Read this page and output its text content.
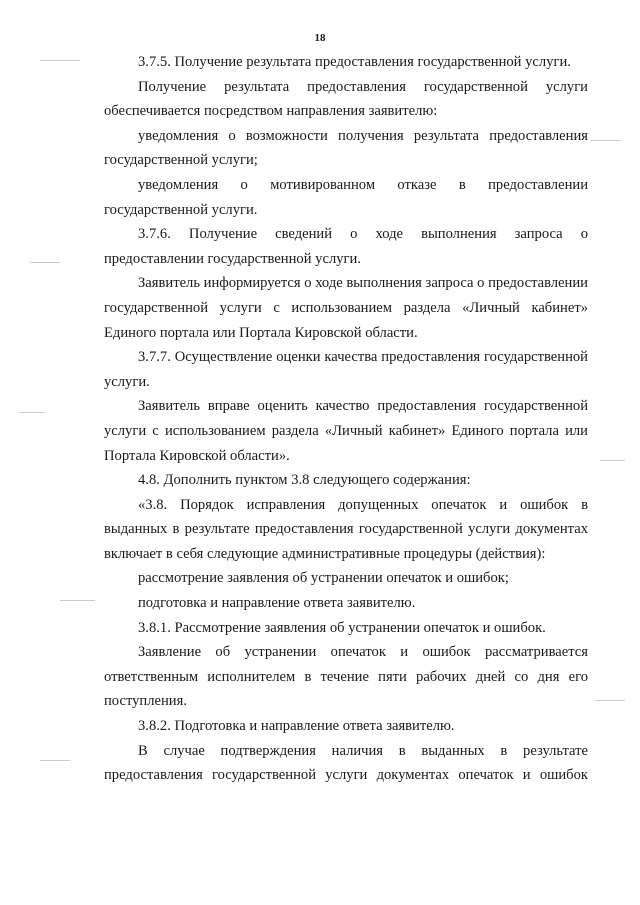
18

3.7.5. Получение результата предоставления государственной услуги.

Получение результата предоставления государственной услуги обеспечивается посредством направления заявителю:

уведомления о возможности получения результата предоставления государственной услуги;

уведомления о мотивированном отказе в предоставлении государственной услуги.

3.7.6. Получение сведений о ходе выполнения запроса о предоставлении государственной услуги.

Заявитель информируется о ходе выполнения запроса о предоставлении государственной услуги с использованием раздела «Личный кабинет» Единого портала или Портала Кировской области.

3.7.7. Осуществление оценки качества предоставления государственной услуги.

Заявитель вправе оценить качество предоставления государственной услуги с использованием раздела «Личный кабинет» Единого портала или Портала Кировской области».

4.8. Дополнить пунктом 3.8 следующего содержания:

«3.8. Порядок исправления допущенных опечаток и ошибок в выданных в результате предоставления государственной услуги документах включает в себя следующие административные процедуры (действия):

рассмотрение заявления об устранении опечаток и ошибок;

подготовка и направление ответа заявителю.

3.8.1. Рассмотрение заявления об устранении опечаток и ошибок.

Заявление об устранении опечаток и ошибок рассматривается ответственным исполнителем в течение пяти рабочих дней со дня его поступления.

3.8.2. Подготовка и направление ответа заявителю.

В случае подтверждения наличия в выданных в результате предоставления государственной услуги документах опечаток и ошибок
